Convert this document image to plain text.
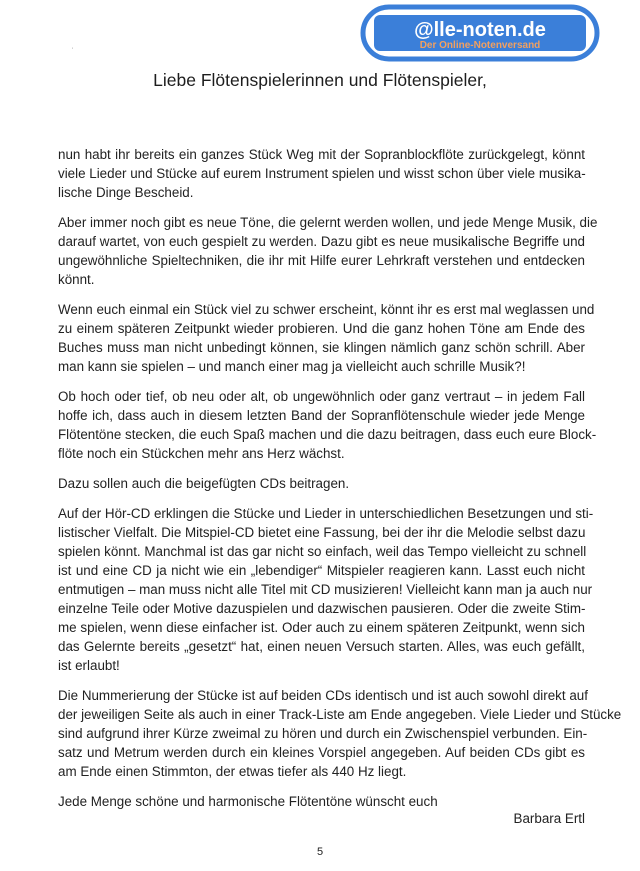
'
@lle-noten.de
Der Online-Notenversand
Liebe Flötenspielerinnen und Flötenspieler,
nun habt ihr bereits ein ganzes Stück Weg mit der Sopranblockflöte zurückgelegt, könnt
viele Lieder und Stücke auf eurem Instrument spielen und wisst schon über viele musika-
lische Dinge Bescheid.
Aber immer noch gibt es neue Töne, die gelernt werden wollen, und jede Menge Musik, die
darauf wartet, von euch gespielt zu werden. Dazu gibt es neue musikalische Begriffe und
ungewöhnliche Spieltechniken, die ihr mit Hilfe eurer Lehrkraft verstehen und entdecken
könnt.
Wenn euch einmal ein Stück viel zu schwer erscheint, könnt ihr es erst mal weglassen und
zu einem späteren Zeitpunkt wieder probieren. Und die ganz hohen Töne am Ende des
Buches muss man nicht unbedingt können, sie klingen nämlich ganz schön schrill. Aber
man kann sie spielen – und manch einer mag ja vielleicht auch schrille Musik?!
Ob hoch oder tief, ob neu oder alt, ob ungewöhnlich oder ganz vertraut – in jedem Fall
hoffe ich, dass auch in diesem letzten Band der Sopranflötenschule wieder jede Menge
Flötentöne stecken, die euch Spaß machen und die dazu beitragen, dass euch eure Block-
flöte noch ein Stückchen mehr ans Herz wächst.
Dazu sollen auch die beigefügten CDs beitragen.
Auf der Hör-CD erklingen die Stücke und Lieder in unterschiedlichen Besetzungen und sti-
listischer Vielfalt. Die Mitspiel-CD bietet eine Fassung, bei der ihr die Melodie selbst dazu
spielen könnt. Manchmal ist das gar nicht so einfach, weil das Tempo vielleicht zu schnell
ist und eine CD ja nicht wie ein „lebendiger“ Mitspieler reagieren kann. Lasst euch nicht
entmutigen – man muss nicht alle Titel mit CD musizieren! Vielleicht kann man ja auch nur
einzelne Teile oder Motive dazuspielen und dazwischen pausieren. Oder die zweite Stim-
me spielen, wenn diese einfacher ist. Oder auch zu einem späteren Zeitpunkt, wenn sich
das Gelernte bereits „gesetzt“ hat, einen neuen Versuch starten. Alles, was euch gefällt,
ist erlaubt!
Die Nummerierung der Stücke ist auf beiden CDs identisch und ist auch sowohl direkt auf
der jeweiligen Seite als auch in einer Track-Liste am Ende angegeben. Viele Lieder und Stücke
sind aufgrund ihrer Kürze zweimal zu hören und durch ein Zwischenspiel verbunden. Ein-
satz und Metrum werden durch ein kleines Vorspiel angegeben. Auf beiden CDs gibt es
am Ende einen Stimmton, der etwas tiefer als 440 Hz liegt.
Jede Menge schöne und harmonische Flötentöne wünscht euch
Barbara Ertl
5
